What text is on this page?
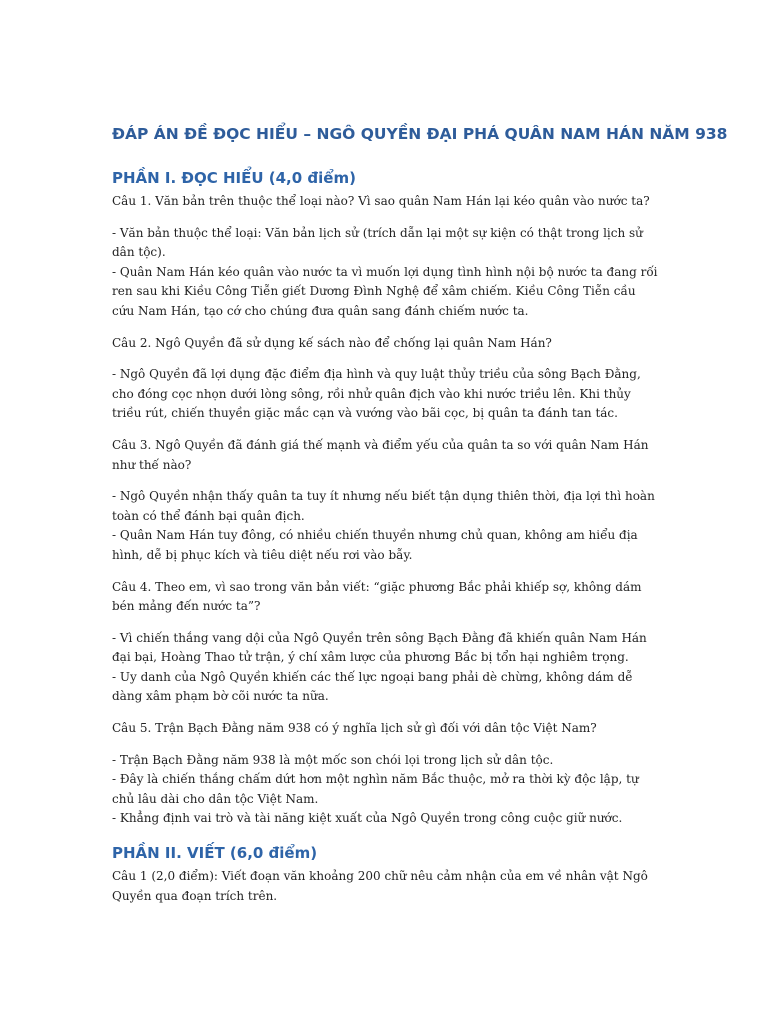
ĐÁP ÁN ĐỀ ĐỌC HIỂU – NGÔ QUYỀN ĐẠI PHÁ QUÂN NAM HÁN NĂM 938
PHẦN I. ĐỌC HIỂU (4,0 điểm)

Câu 1. Văn bản trên thuộc thể loại nào? Vì sao quân Nam Hán lại kéo quân vào nước ta?

- Văn bản thuộc thể loại: Văn bản lịch sử (trích dẫn lại một sự kiện có thật trong lịch sử dân tộc).
- Quân Nam Hán kéo quân vào nước ta vì muốn lợi dụng tình hình nội bộ nước ta đang rối ren sau khi Kiều Công Tiễn giết Dương Đình Nghệ để xâm chiếm. Kiều Công Tiễn cầu cứu Nam Hán, tạo cớ cho chúng đưa quân sang đánh chiếm nước ta.

Câu 2. Ngô Quyền đã sử dụng kế sách nào để chống lại quân Nam Hán?

- Ngô Quyền đã lợi dụng đặc điểm địa hình và quy luật thủy triều của sông Bạch Đằng, cho đóng cọc nhọn dưới lòng sông, rồi nhử quân địch vào khi nước triều lên. Khi thủy triều rút, chiến thuyền giặc mắc cạn và vướng vào bãi cọc, bị quân ta đánh tan tác.

Câu 3. Ngô Quyền đã đánh giá thế mạnh và điểm yếu của quân ta so với quân Nam Hán như thế nào?

- Ngô Quyền nhận thấy quân ta tuy ít nhưng nếu biết tận dụng thiên thời, địa lợi thì hoàn toàn có thể đánh bại quân địch.
- Quân Nam Hán tuy đông, có nhiều chiến thuyền nhưng chủ quan, không am hiểu địa hình, dễ bị phục kích và tiêu diệt nếu rơi vào bẫy.

Câu 4. Theo em, vì sao trong văn bản viết: “giặc phương Bắc phải khiếp sợ, không dám bén mảng đến nước ta”?

- Vì chiến thắng vang dội của Ngô Quyền trên sông Bạch Đằng đã khiến quân Nam Hán đại bại, Hoàng Thao tử trận, ý chí xâm lược của phương Bắc bị tổn hại nghiêm trọng.
- Uy danh của Ngô Quyền khiến các thế lực ngoại bang phải dè chừng, không dám dễ dàng xâm phạm bờ cõi nước ta nữa.

Câu 5. Trận Bạch Đằng năm 938 có ý nghĩa lịch sử gì đối với dân tộc Việt Nam?

- Trận Bạch Đằng năm 938 là một mốc son chói lọi trong lịch sử dân tộc.
- Đây là chiến thắng chấm dứt hơn một nghìn năm Bắc thuộc, mở ra thời kỳ độc lập, tự chủ lâu dài cho dân tộc Việt Nam.
- Khẳng định vai trò và tài năng kiệt xuất của Ngô Quyền trong công cuộc giữ nước.

PHẦN II. VIẾT (6,0 điểm)

Câu 1 (2,0 điểm): Viết đoạn văn khoảng 200 chữ nêu cảm nhận của em về nhân vật Ngô Quyền qua đoạn trích trên.
